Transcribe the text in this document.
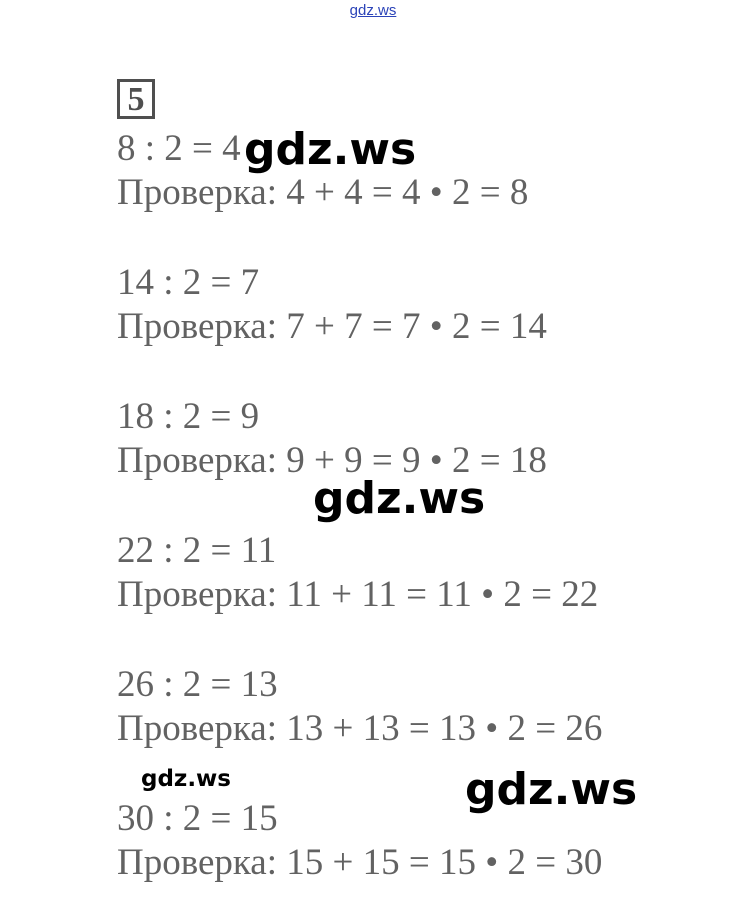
gdz.ws
5
8 : 2 = 4
Проверка: 4 + 4 = 4 • 2 = 8
14 : 2 = 7
Проверка: 7 + 7 = 7 • 2 = 14
18 : 2 = 9
Проверка: 9 + 9 = 9 • 2 = 18
22 : 2 = 11
Проверка: 11 + 11 = 11 • 2 = 22
26 : 2 = 13
Проверка: 13 + 13 = 13 • 2 = 26
30 : 2 = 15
Проверка: 15 + 15 = 15 • 2 = 30
gdz.ws
gdz.ws
gdz.ws	gdz.ws
